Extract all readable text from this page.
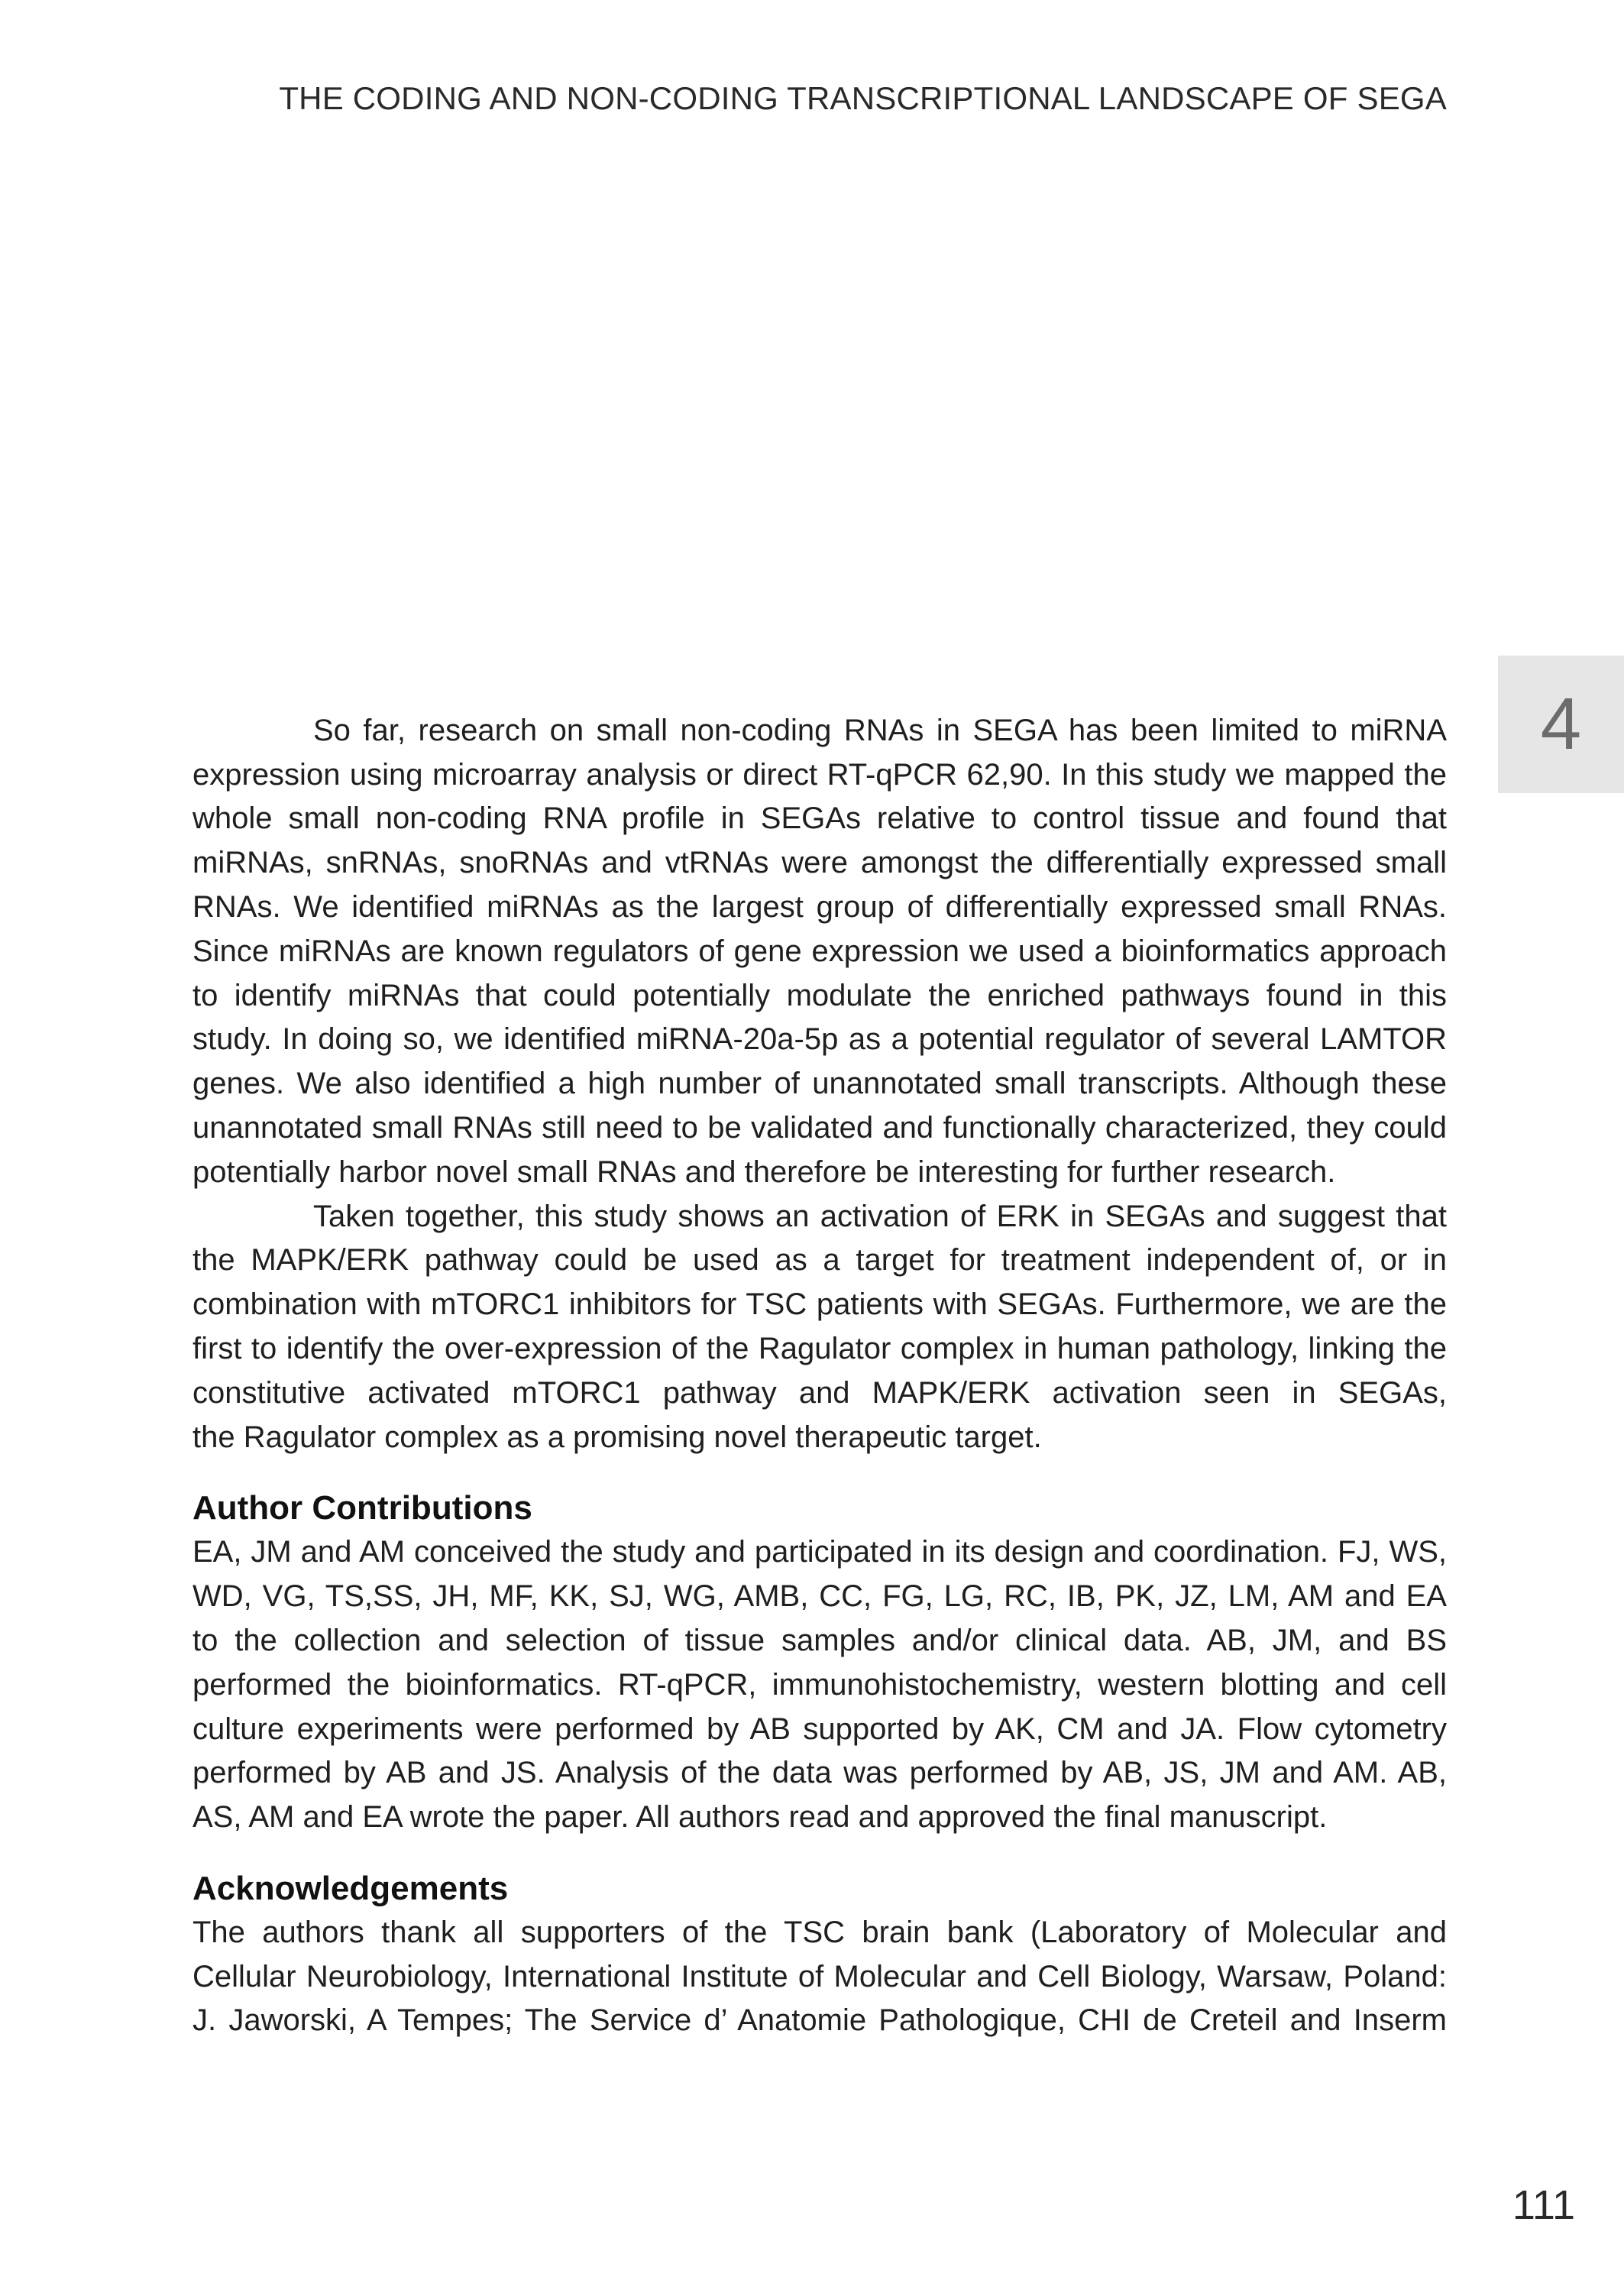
THE CODING AND NON-CODING TRANSCRIPTIONAL LANDSCAPE OF SEGA
4
So far, research on small non-coding RNAs in SEGA has been limited to miRNA
expression using microarray analysis or direct RT-qPCR 62,90. In this study we mapped the
whole small non-coding RNA profile in SEGAs relative to control tissue and found that
miRNAs, snRNAs, snoRNAs and vtRNAs were amongst the differentially expressed small
RNAs. We identified miRNAs as the largest group of differentially expressed small RNAs.
Since miRNAs are known regulators of gene expression we used a bioinformatics approach
to identify miRNAs that could potentially modulate the enriched pathways found in this
study. In doing so, we identified miRNA-20a-5p as a potential regulator of several LAMTOR
genes. We also identified a high number of unannotated small transcripts. Although these
unannotated small RNAs still need to be validated and functionally characterized, they could
potentially harbor novel small RNAs and therefore be interesting for further research.
Taken together, this study shows an activation of ERK in SEGAs and suggest that
the MAPK/ERK pathway could be used as a target for treatment independent of, or in
combination with mTORC1 inhibitors for TSC patients with SEGAs. Furthermore, we are the
first to identify the over-expression of the Ragulator complex in human pathology, linking the
constitutive activated mTORC1 pathway and MAPK/ERK activation seen in SEGAs,
the Ragulator complex as a promising novel therapeutic target.
Author Contributions
EA, JM and AM conceived the study and participated in its design and coordination. FJ, WS,
WD, VG, TS,SS, JH, MF, KK, SJ, WG, AMB, CC, FG, LG, RC, IB, PK, JZ, LM, AM and EA
to the collection and selection of tissue samples and/or clinical data. AB, JM, and BS
performed the bioinformatics. RT-qPCR, immunohistochemistry, western blotting and cell
culture experiments were performed by AB supported by AK, CM and JA. Flow cytometry
performed by AB and JS. Analysis of the data was performed by AB, JS, JM and AM. AB,
AS, AM and EA wrote the paper. All authors read and approved the final manuscript.
Acknowledgements
The authors thank all supporters of the TSC brain bank (Laboratory of Molecular and
Cellular Neurobiology, International Institute of Molecular and Cell Biology, Warsaw, Poland:
J. Jaworski, A Tempes; The Service d’ Anatomie Pathologique, CHI de Creteil and Inserm
111
